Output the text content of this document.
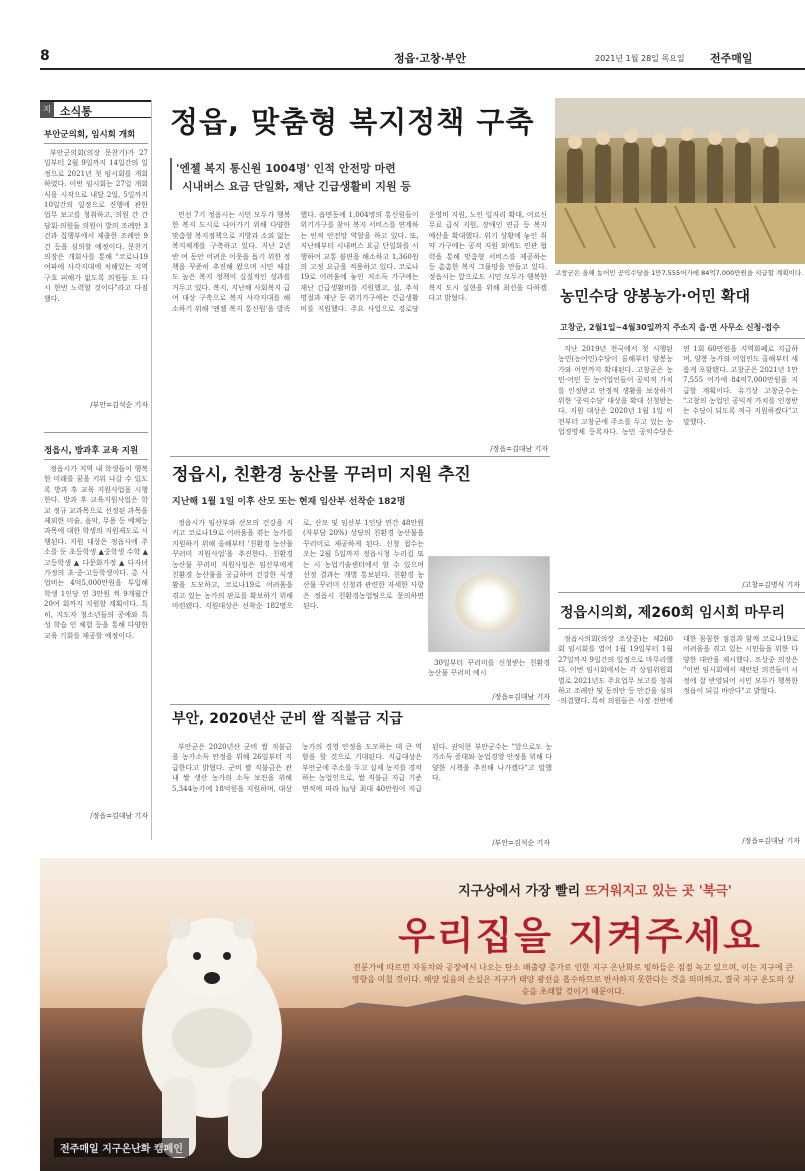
8	정읍·고창·부안	2021년 1월 28일 목요일 전주매일
지역
소식통
부안군의회, 임시회 개회

부안군의회(의장 문찬기)가 27일부터 2월 9일까지 14일간의 일정으로 2021년 첫 임시회를 개회하였다. 이번 임시회는 27일 개회식을 시작으로 내달 2일, 5일까지 10일간의 일정으로 진행에 관한 업무 보고를 청취하고, 의원 간 간담회·의원들 의원이 발의 조례안 3건과 집행부에서 제출한 조례안 9건 등을 심의할 예정이다. 문찬기 의장은 개회사를 통해 "코로나19 여파에 사각지대에 처해있는 지역 구호 피해가 없도록 의원들 도 다시 한번 노력할 것이다"라고 다짐했다.

/부안=김석순 기자
정읍시, 방과후 교육 지원

정읍시가 지역 내 학생들이 행복한 미래를 꿈을 키워 나갈 수 있도록 방과 후 교육 지원사업을 시행한다. 방과 후 교육지원사업은 학교 정규 교과목으로 선정된 과목을 제외한 미술, 음악, 무용 등 예체능 과목에 대한 학생의 지원제도로 시행된다. 지원 대상은 정읍시에 주소를 둔 초등학생 ▲중학생 수학 ▲ 고등학생 ▲ 다문화가정 ▲ 다자녀 가정의 초·중·고등학생이다. 총 사업비는 4억5,000만원을 투입해 학생 1인당 연 3만원 씩 9개월간 20여 회까지 지원할 계획이다. 특히, 지도자 청소년들의 공예와 특성 학습 인 체험 등을 통해 다양한 교육 기회를 제공할 예정이다.

/정읍=김대남 기자
정읍, 맞춤형 복지정책 구축
'엔젤 복지 통신원 1004명' 인적 안전망 마련
시내버스 요금 단일화, 재난 긴급생활비 지원 등

민선 7기 정읍시는 시민 모두가 행복한 복지 도시로 나아가기 위해 다양한 맞춤형 복지정책으로 지방과 소외 없는 복지체계를 구축하고 있다. 지난 2년 반 여 동안 어려운 이웃을 돕기 위한 정책을 꾸준히 추진해 왔으며 시민 체감도 높은 복지 정책이 실질적인 성과를 거두고 있다. 복지, 지난해 사회복지 급여 대상 구축으로 복지 사각지대를 해소하기 위해 '엔젤 복지 통신원'을 발족했다. 읍면동에 1,004명의 통신원들이 위기가구를 찾아 복지 서비스를 연계하는 인적 안전망 역할을 하고 있다. 또, 지난해부터 시내버스 요금 단일화를 시행하여 교통 불편을 해소하고 1,360원의 고정 요금을 적용하고 있다. 코로나19로 어려움에 놓인 저소득 가구에는 재난 긴급생활비를 지원했고, 설, 추석 명절과 재난 등 위기가구에는 긴급생활비를 지원했다. 주요 사업으로 경로당 운영비 지원, 노인 일자리 확대, 어르신 무료 급식 지원, 장애인 연금 등 복지 예산을 확대했다. 위기 상황에 놓인 취약 가구에는 공적 지원 외에도 민관 협력을 통해 맞춤형 서비스를 제공하는 등 촘촘한 복지 그물망을 만들고 있다. 정읍시는 앞으로도 시민 모두가 행복한 복지 도시 실현을 위해 최선을 다하겠다고 밝혔다.

/정읍=김대남 기자
고창군은 올해 농어민 공익수당을 1만7,555어가에 84억7,000만원을 지급할 계획이다.
농민수당 양봉농가·어민 확대
고창군, 2월1일~4월30일까지 주소지 읍·면 사무소 신청·접수

지난 2019년 전국에서 첫 시행된 농민(농어민)수당이 올해부터 양봉농가와 어민까지 확대된다. 고창군은 농민·어민 등 농어업인들이 공익적 가치를 인정받고 안정적 생활을 보장하기 위한 '공익수당' 대상을 확대 신청받는다. 지원 대상은 2020년 1월 1일 이전부터 고창군에 주소를 두고 있는 농업경영체 등록자다. 농민 공익수당은 연 1회 60만원을 지역화폐로 지급하며, 양봉 농가와 어업인도 올해부터 새롭게 포함됐다. 고창군은 2021년 1만7,555 어가에 84억7,000만원을 지급할 계획이다. 유기상 고창군수는 "고창의 농업인 공익적 가치를 인정받는 수당이 되도록 적극 지원하겠다"고 말했다.

/고창=김명식 기자
정읍시, 친환경 농산물 꾸러미 지원 추진
지난해 1월 1일 이후 산모 또는 현재 임산부 선착순 182명

정읍시가 임산부와 산모의 건강을 지키고 코로나19로 어려움을 겪는 농가를 지원하기 위해 올해부터 '친환경 농산물 꾸러미 지원사업'을 추진한다. 친환경 농산물 꾸러미 지원사업은 임산부에게 친환경 농산물을 공급하여 건강한 식생활을 도모하고, 코로나19로 어려움을 겪고 있는 농가의 판로를 확보하기 위해 마련됐다. 지원대상은 선착순 182명으로, 산모 및 임산부 1인당 연간 48만원(자부담 20%) 상당의 친환경 농산물을 꾸러미로 제공하게 된다. 신청 접수는 오는 2월 5일까지 정읍시청 누리집 또는 시 농업기술센터에서 할 수 있으며 선정 결과는 개별 통보된다. 친환경 농산물 꾸러미 신청과 관련한 자세한 사항은 정읍시 친환경농업팀으로 문의하면 된다.

30일부터 꾸러미를 신청받는 친환경 농산물 꾸러미 예시

/정읍=김대남 기자
부안, 2020년산 군비 쌀 직불금 지급

부안군은 2020년산 군비 쌀 직불금을 농가소득 안정을 위해 26일부터 지급한다고 밝혔다. 군비 쌀 직불금은 관내 쌀 생산 농가의 소득 보전을 위해 5,344농가에 18억원을 지원하며, 대상 농가의 경영 안정을 도모하는 데 큰 역할을 할 것으로 기대된다. 지급대상은 부안군에 주소를 두고 실제 농지를 경작하는 농업인으로, 쌀 직불금 지급 기준 면적에 따라 ㏊당 최대 40만원이 지급된다. 권익현 부안군수는 "앞으로도 농가소득 증대와 농업경영 안정을 위해 다양한 시책을 추진해 나가겠다"고 말했다.

/부안=김석순 기자
정읍시의회, 제260회 임시회 마무리

정읍시의회(의장 조상중)는 제260회 임시회를 열어 1월 19일부터 1월 27일까지 9일간의 일정으로 마무리했다. 이번 임시회에서는 각 상임위원회별로 2021년도 주요업무 보고를 청취하고 조례안 및 동의안 등 안건을 심의·의결했다. 특히 의원들은 시정 전반에 대한 꼼꼼한 점검과 함께 코로나19로 어려움을 겪고 있는 시민들을 위한 다양한 대안을 제시했다. 조상중 의장은 "이번 임시회에서 제안된 의견들이 시정에 잘 반영되어 시민 모두가 행복한 정읍이 되길 바란다"고 밝혔다.

/정읍=김대남 기자
지구상에서 가장 빨리 뜨거워지고 있는 곳 '북극'
우리집을 지켜주세요
전문가에 따르면 자동차와 공장에서 나오는 탄소 배출량 증가로 인한 지구 온난화로 빙하들은 점점 녹고 있으며, 이는 지구에 큰 영향을 미칠 것이다. 해양 일음의 손실은 지구가 태양 광선을 흡수하므로 반사하지 못한다는 것을 의미하고, 결국 지구 온도의 상승을 초래할 것이기 때문이다.
전주매일 지구온난화 캠페인
